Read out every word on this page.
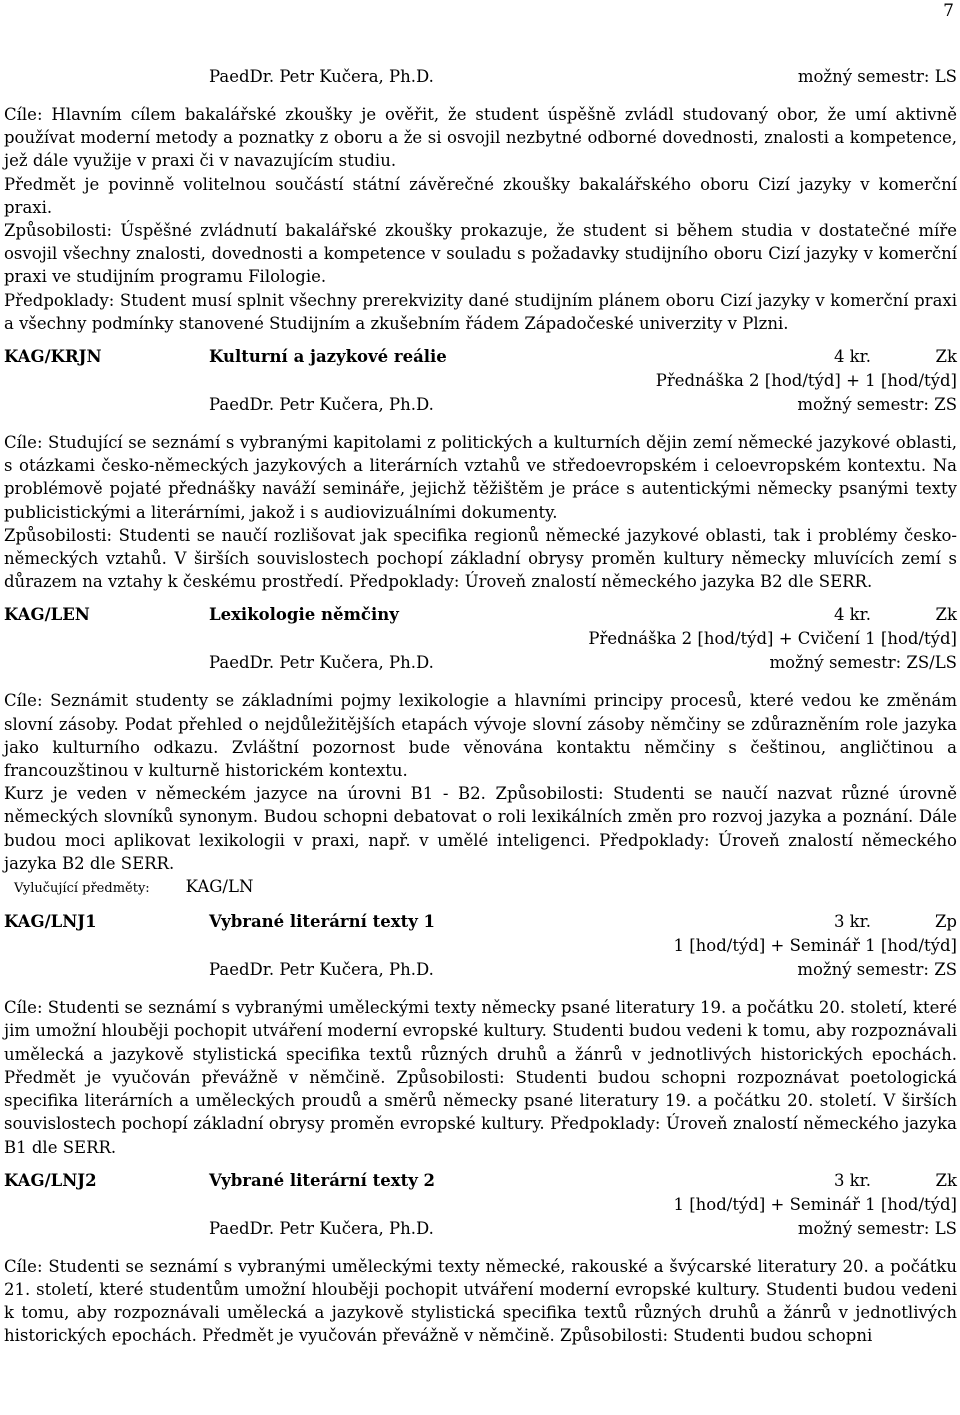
7
PaedDr. Petr Kučera, Ph.D.	možný semestr: LS

Cíle: Hlavním cílem bakalářské zkoušky je ověřit, že student úspěšně zvládl studovaný obor, že umí aktivně používat moderní metody a poznatky z oboru a že si osvojil nezbytné odborné dovednosti, znalosti a kompetence, jež dále využije v praxi či v navazujícím studiu.

Předmět je povinně volitelnou součástí státní závěrečné zkoušky bakalářského oboru Cizí jazyky v komerční praxi.

Způsobilosti: Úspěšné zvládnutí bakalářské zkoušky prokazuje, že student si během studia v dostatečné míře osvojil všechny znalosti, dovednosti a kompetence v souladu s požadavky studijního oboru Cizí jazyky v komerční praxi ve studijním programu Filologie.

Předpoklady: Student musí splnit všechny prerekvizity dané studijním plánem oboru Cizí jazyky v komerční praxi a všechny podmínky stanovené Studijním a zkušebním řádem Západočeské univerzity v Plzni.

KAG/KRJN	Kulturní a jazykové reálie	4 kr.	Zk
Přednáška 2 [hod/týd] + 1 [hod/týd]
PaedDr. Petr Kučera, Ph.D.	možný semestr: ZS

Cíle: Studující se seznámí s vybranými kapitolami z politických a kulturních dějin zemí německé jazykové oblasti, s otázkami česko-německých jazykových a literárních vztahů ve středoevropském i celoevropském kontextu. Na problémově pojaté přednášky naváží semináře, jejichž těžištěm je práce s autentickými německy psanými texty publicistickými a literárními, jakož i s audiovizuálními dokumenty.

Způsobilosti: Studenti se naučí rozlišovat jak specifika regionů německé jazykové oblasti, tak i problémy česko-německých vztahů. V širších souvislostech pochopí základní obrysy proměn kultury německy mluvících zemí s důrazem na vztahy k českému prostředí. Předpoklady: Úroveň znalostí německého jazyka B2 dle SERR.

KAG/LEN	Lexikologie němčiny	4 kr.	Zk
Přednáška 2 [hod/týd] + Cvičení 1 [hod/týd]
PaedDr. Petr Kučera, Ph.D.	možný semestr: ZS/LS

Cíle: Seznámit studenty se základními pojmy lexikologie a hlavními principy procesů, které vedou ke změnám slovní zásoby. Podat přehled o nejdůležitějších etapách vývoje slovní zásoby němčiny se zdůrazněním role jazyka jako kulturního odkazu. Zvláštní pozornost bude věnována kontaktu němčiny s češtinou, angličtinou a francouzštinou v kulturně historickém kontextu.

Kurz je veden v německém jazyce na úrovni B1 - B2. Způsobilosti: Studenti se naučí nazvat různé úrovně německých slovníků synonym. Budou schopni debatovat o roli lexikálních změn pro rozvoj jazyka a poznání. Dále budou moci aplikovat lexikologii v praxi, např. v umělé inteligenci. Předpoklady: Úroveň znalostí německého jazyka B2 dle SERR.

Vylučující předměty: KAG/LN
KAG/LNJ1	Vybrané literární texty 1	3 kr.	Zp
1 [hod/týd] + Seminář 1 [hod/týd]
PaedDr. Petr Kučera, Ph.D.	možný semestr: ZS

Cíle: Studenti se seznámí s vybranými uměleckými texty německy psané literatury 19. a počátku 20. století, které jim umožní hlouběji pochopit utváření moderní evropské kultury. Studenti budou vedeni k tomu, aby rozpoznávali umělecká a jazykově stylistická specifika textů různých druhů a žánrů v jednotlivých historických epochách. Předmět je vyučován převážně v němčině. Způsobilosti: Studenti budou schopni rozpoznávat poetologická specifika literárních a uměleckých proudů a směrů německy psané literatury 19. a počátku 20. století. V širších souvislostech pochopí základní obrysy proměn evropské kultury. Předpoklady: Úroveň znalostí německého jazyka B1 dle SERR.

KAG/LNJ2	Vybrané literární texty 2	3 kr.	Zk
1 [hod/týd] + Seminář 1 [hod/týd]
PaedDr. Petr Kučera, Ph.D.	možný semestr: LS

Cíle: Studenti se seznámí s vybranými uměleckými texty německé, rakouské a švýcarské literatury 20. a počátku 21. století, které studentům umožní hlouběji pochopit utváření moderní evropské kultury. Studenti budou vedeni k tomu, aby rozpoznávali umělecká a jazykově stylistická specifika textů různých druhů a žánrů v jednotlivých historických epochách. Předmět je vyučován převážně v němčině. Způsobilosti: Studenti budou schopni
